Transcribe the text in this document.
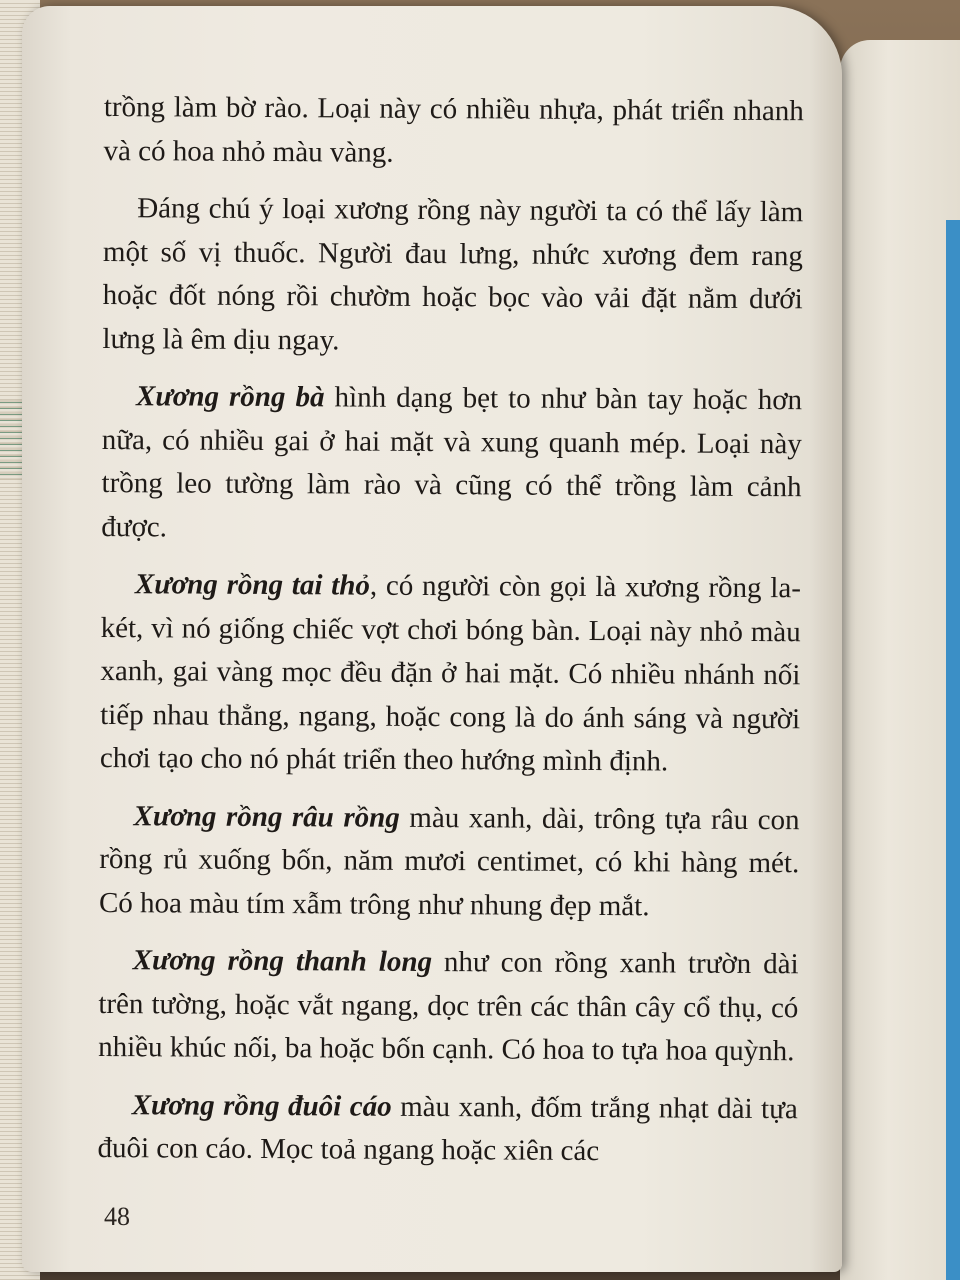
trồng làm bờ rào. Loại này có nhiều nhựa, phát triển nhanh và có hoa nhỏ màu vàng.

Đáng chú ý loại xương rồng này người ta có thể lấy làm một số vị thuốc. Người đau lưng, nhức xương đem rang hoặc đốt nóng rồi chườm hoặc bọc vào vải đặt nằm dưới lưng là êm dịu ngay.

Xương rồng bà hình dạng bẹt to như bàn tay hoặc hơn nữa, có nhiều gai ở hai mặt và xung quanh mép. Loại này trồng leo tường làm rào và cũng có thể trồng làm cảnh được.

Xương rồng tai thỏ, có người còn gọi là xương rồng la-két, vì nó giống chiếc vợt chơi bóng bàn. Loại này nhỏ màu xanh, gai vàng mọc đều đặn ở hai mặt. Có nhiều nhánh nối tiếp nhau thẳng, ngang, hoặc cong là do ánh sáng và người chơi tạo cho nó phát triển theo hướng mình định.

Xương rồng râu rồng màu xanh, dài, trông tựa râu con rồng rủ xuống bốn, năm mươi centimet, có khi hàng mét. Có hoa màu tím xẫm trông như nhung đẹp mắt.

Xương rồng thanh long như con rồng xanh trườn dài trên tường, hoặc vắt ngang, dọc trên các thân cây cổ thụ, có nhiều khúc nối, ba hoặc bốn cạnh. Có hoa to tựa hoa quỳnh.

Xương rồng đuôi cáo màu xanh, đốm trắng nhạt dài tựa đuôi con cáo. Mọc toả ngang hoặc xiên các

48
